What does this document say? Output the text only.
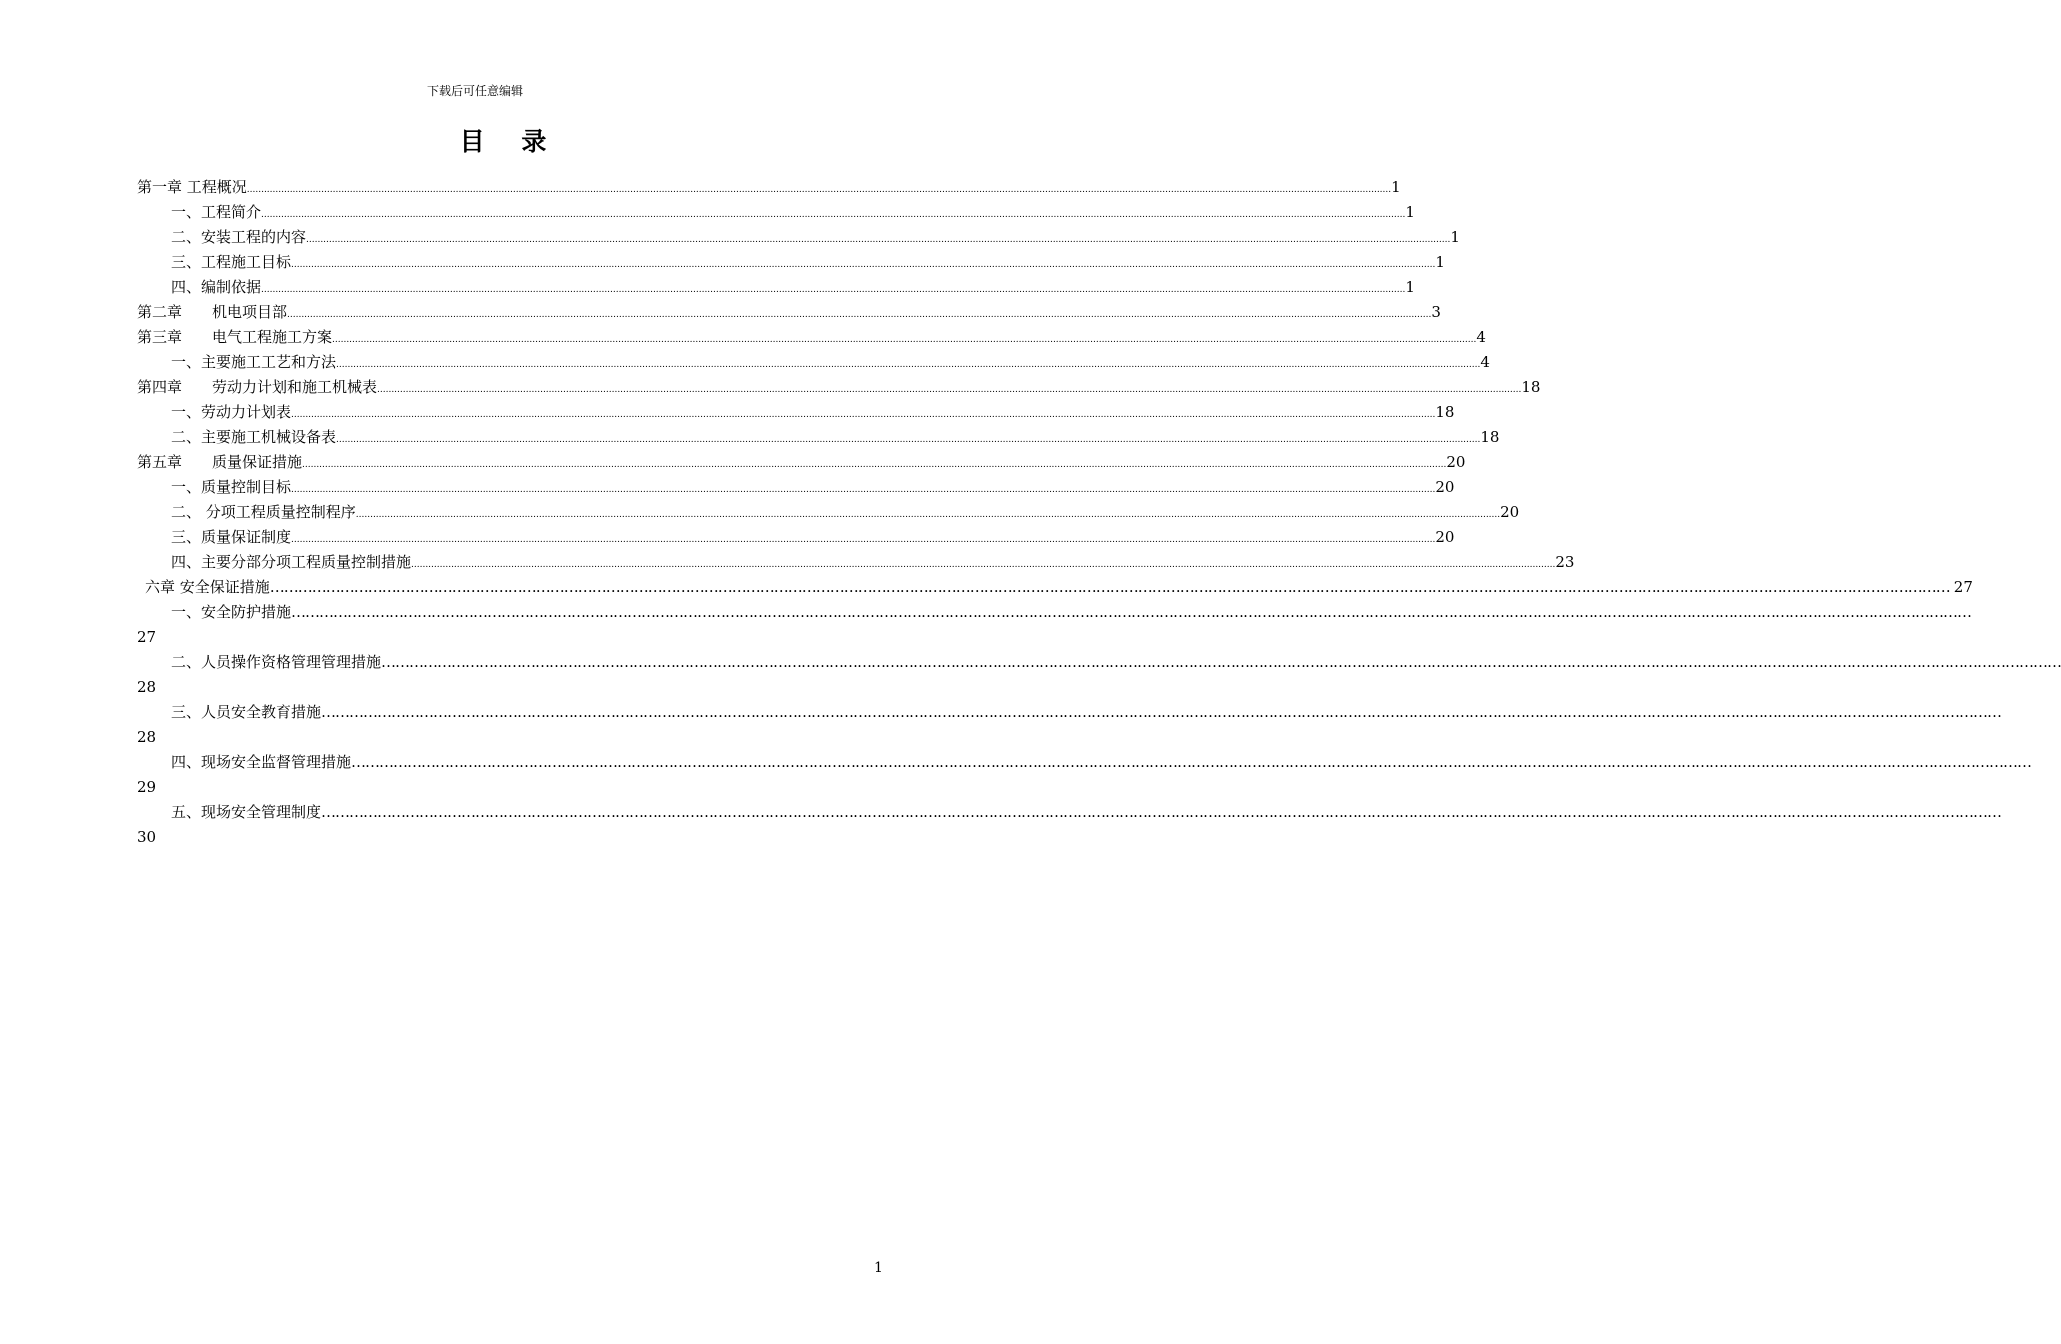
下载后可任意编辑
目 录
第一章 工程概况 ................................................................................................................................................................................................................................................................................................................................................................................................................ 1
一、工程简介 ................................................................................................................................................................................................................................................................................................................................................................................................................ 1
二、安装工程的内容 ................................................................................................................................................................................................................................................................................................................................................................................................................ 1
三、工程施工目标 ................................................................................................................................................................................................................................................................................................................................................................................................................ 1
四、编制依据 ................................................................................................................................................................................................................................................................................................................................................................................................................ 1
第二章　　机电项目部 ................................................................................................................................................................................................................................................................................................................................................................................................................ 3
第三章　　电气工程施工方案 ................................................................................................................................................................................................................................................................................................................................................................................................................ 4
一、主要施工工艺和方法 ................................................................................................................................................................................................................................................................................................................................................................................................................ 4
第四章　　劳动力计划和施工机械表 ................................................................................................................................................................................................................................................................................................................................................................................................................ 18
一、劳动力计划表 ................................................................................................................................................................................................................................................................................................................................................................................................................ 18
二、主要施工机械设备表 ................................................................................................................................................................................................................................................................................................................................................................................................................ 18
第五章　　质量保证措施 ................................................................................................................................................................................................................................................................................................................................................................................................................ 20
一、质量控制目标 ................................................................................................................................................................................................................................................................................................................................................................................................................ 20
二、 分项工程质量控制程序 ................................................................................................................................................................................................................................................................................................................................................................................................................ 20
三、质量保证制度 ................................................................................................................................................................................................................................................................................................................................................................................................................ 20
四、主要分部分项工程质量控制措施 ................................................................................................................................................................................................................................................................................................................................................................................................................ 23
六章 安全保证措施 ……………………………………………………………………………………………………………………………………………………………………………………………………………………………………………………………………………………………………………………………… 27
一、安全防护措施 ………………………………………………………………………………………………………………………………………………………………………………………………………………………………………………………………………………………………………………………………
27
二、人员操作资格管理管理措施 ………………………………………………………………………………………………………………………………………………………………………………………………………………………………………………………………………………………………………………………………
28
三、人员安全教育措施 ………………………………………………………………………………………………………………………………………………………………………………………………………………………………………………………………………………………………………………………………
28
四、现场安全监督管理措施 ………………………………………………………………………………………………………………………………………………………………………………………………………………………………………………………………………………………………………………………………
29
五、现场安全管理制度 ………………………………………………………………………………………………………………………………………………………………………………………………………………………………………………………………………………………………………………………………
30
1
